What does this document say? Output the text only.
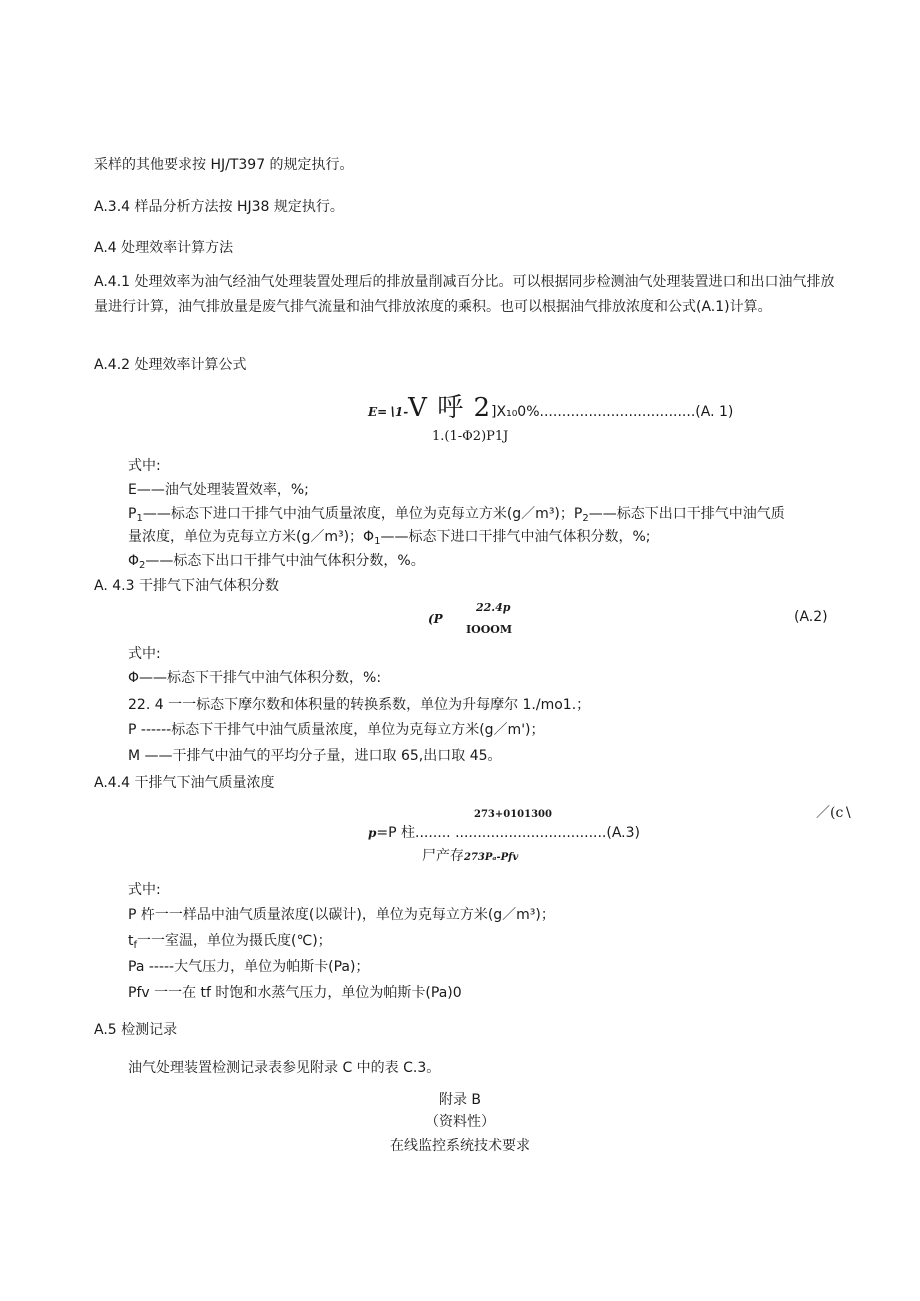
采样的其他要求按 HJ/T397 的规定执行。
A.3.4 样品分析方法按 HJ38 规定执行。
A.4 处理效率计算方法
A.4.1 处理效率为油气经油气处理装置处理后的排放量削减百分比。可以根据同步检测油气处理装置进口和出口油气排放量进行计算，油气排放量是废气排气流量和油气排放浓度的乘积。也可以根据油气排放浓度和公式(A.1)计算。
A.4.2 处理效率计算公式
E=∖1-V 呼 2]X₁₀0%...................................(A. 1)
1.(1-Φ2)P1J
式中:
E——油气处理装置效率，%;
$P_1——$标态下进口干排气中油气质量浓度，单位为克每立方米(g／m³)；$P_2——$标态下出口干排气中油气质
量浓度，单位为克每立方米(g／m³)；$\Phi_1——$标态下进口干排气中油气体积分数，%;
$\Phi_2——$标态下出口干排气中油气体积分数，%。
A. 4.3 干排气下油气体积分数
(P
22.4p
IOOOM
(A.2)
式中:
Φ——标态下干排气中油气体积分数，%:
22. 4 一一标态下摩尔数和体积量的转换系数，单位为升每摩尔 1./mo1.；
P ------标态下干排气中油气质量浓度，单位为克每立方米(g／m')；
M ——干排气中油气的平均分子量，进口取 65,出口取 45。
A.4.4 干排气下油气质量浓度
273+0101300	／(c∖
p=P 柱........ ..................................(A.3)
尸产存273Pₐ-Pfv
式中:
P 杵一一样品中油气质量浓度(以碳计)，单位为克每立方米(g／m³)；
$t_f$一一室温，单位为摄氏度(℃)；
Pa -----大气压力，单位为帕斯卡(Pa)；
Pfv 一一在 tf 时饱和水蒸气压力，单位为帕斯卡(Pa)0
A.5 检测记录
油气处理装置检测记录表参见附录 C 中的表 C.3。
附录 B
（资料性）
在线监控系统技术要求
